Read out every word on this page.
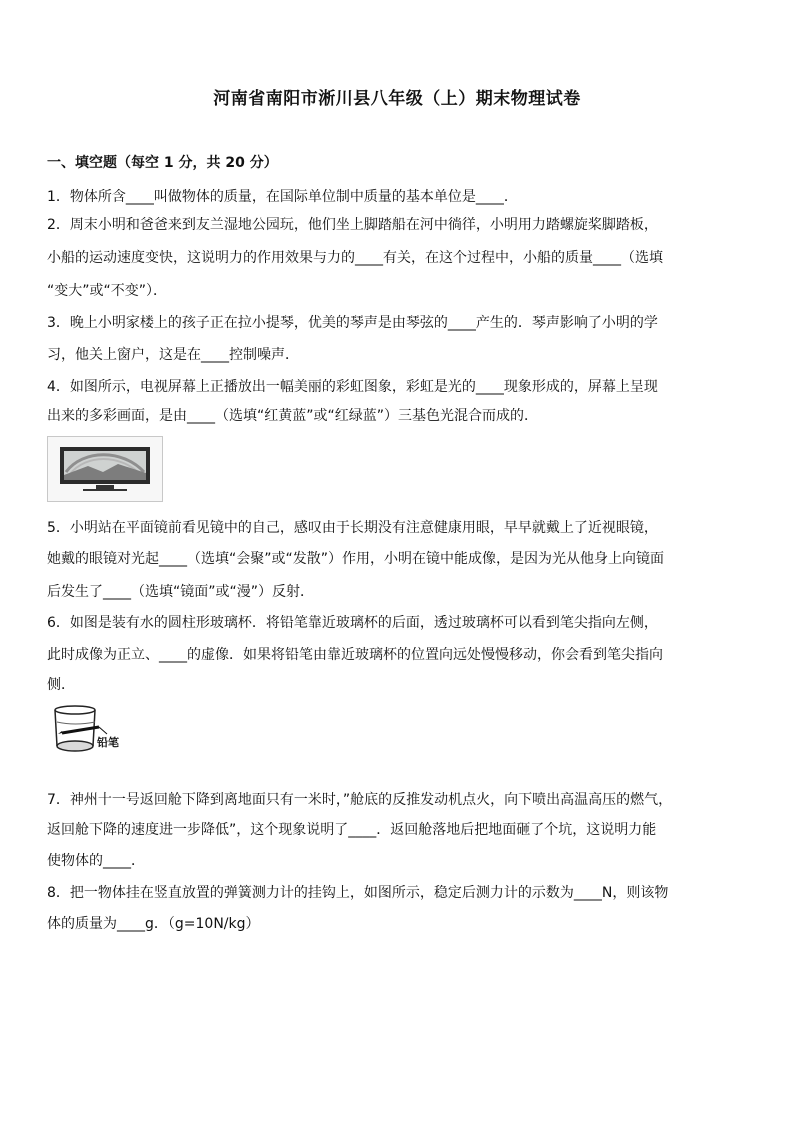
河南省南阳市淅川县八年级（上）期末物理试卷
一、填空题（每空 1 分，共 20 分）
1．物体所含____叫做物体的质量，在国际单位制中质量的基本单位是____．
2．周末小明和爸爸来到友兰湿地公园玩，他们坐上脚踏船在河中徜徉，小明用力踏螺旋桨脚踏板，
小船的运动速度变快，这说明力的作用效果与力的____有关，在这个过程中，小船的质量____（选填
“变大”或“不变”）．
3．晚上小明家楼上的孩子正在拉小提琴，优美的琴声是由琴弦的____产生的．琴声影响了小明的学
习，他关上窗户，这是在____控制噪声．
4．如图所示，电视屏幕上正播放出一幅美丽的彩虹图象，彩虹是光的____现象形成的，屏幕上呈现
出来的多彩画面，是由____（选填“红黄蓝”或“红绿蓝”）三基色光混合而成的．
5．小明站在平面镜前看见镜中的自己，感叹由于长期没有注意健康用眼，早早就戴上了近视眼镜，
她戴的眼镜对光起____（选填“会聚”或“发散”）作用，小明在镜中能成像，是因为光从他身上向镜面
后发生了____（选填“镜面”或“漫”）反射．
6．如图是装有水的圆柱形玻璃杯．将铅笔靠近玻璃杯的后面，透过玻璃杯可以看到笔尖指向左侧，
此时成像为正立、____的虚像．如果将铅笔由靠近玻璃杯的位置向远处慢慢移动，你会看到笔尖指向
侧．
铅笔
7．神州十一号返回舱下降到离地面只有一米时，”舱底的反推发动机点火，向下喷出高温高压的燃气，
返回舱下降的速度进一步降低”，这个现象说明了____．返回舱落地后把地面砸了个坑，这说明力能
使物体的____．
8．把一物体挂在竖直放置的弹簧测力计的挂钩上，如图所示，稳定后测力计的示数为____N，则该物
体的质量为____g．（g=10N/kg）
